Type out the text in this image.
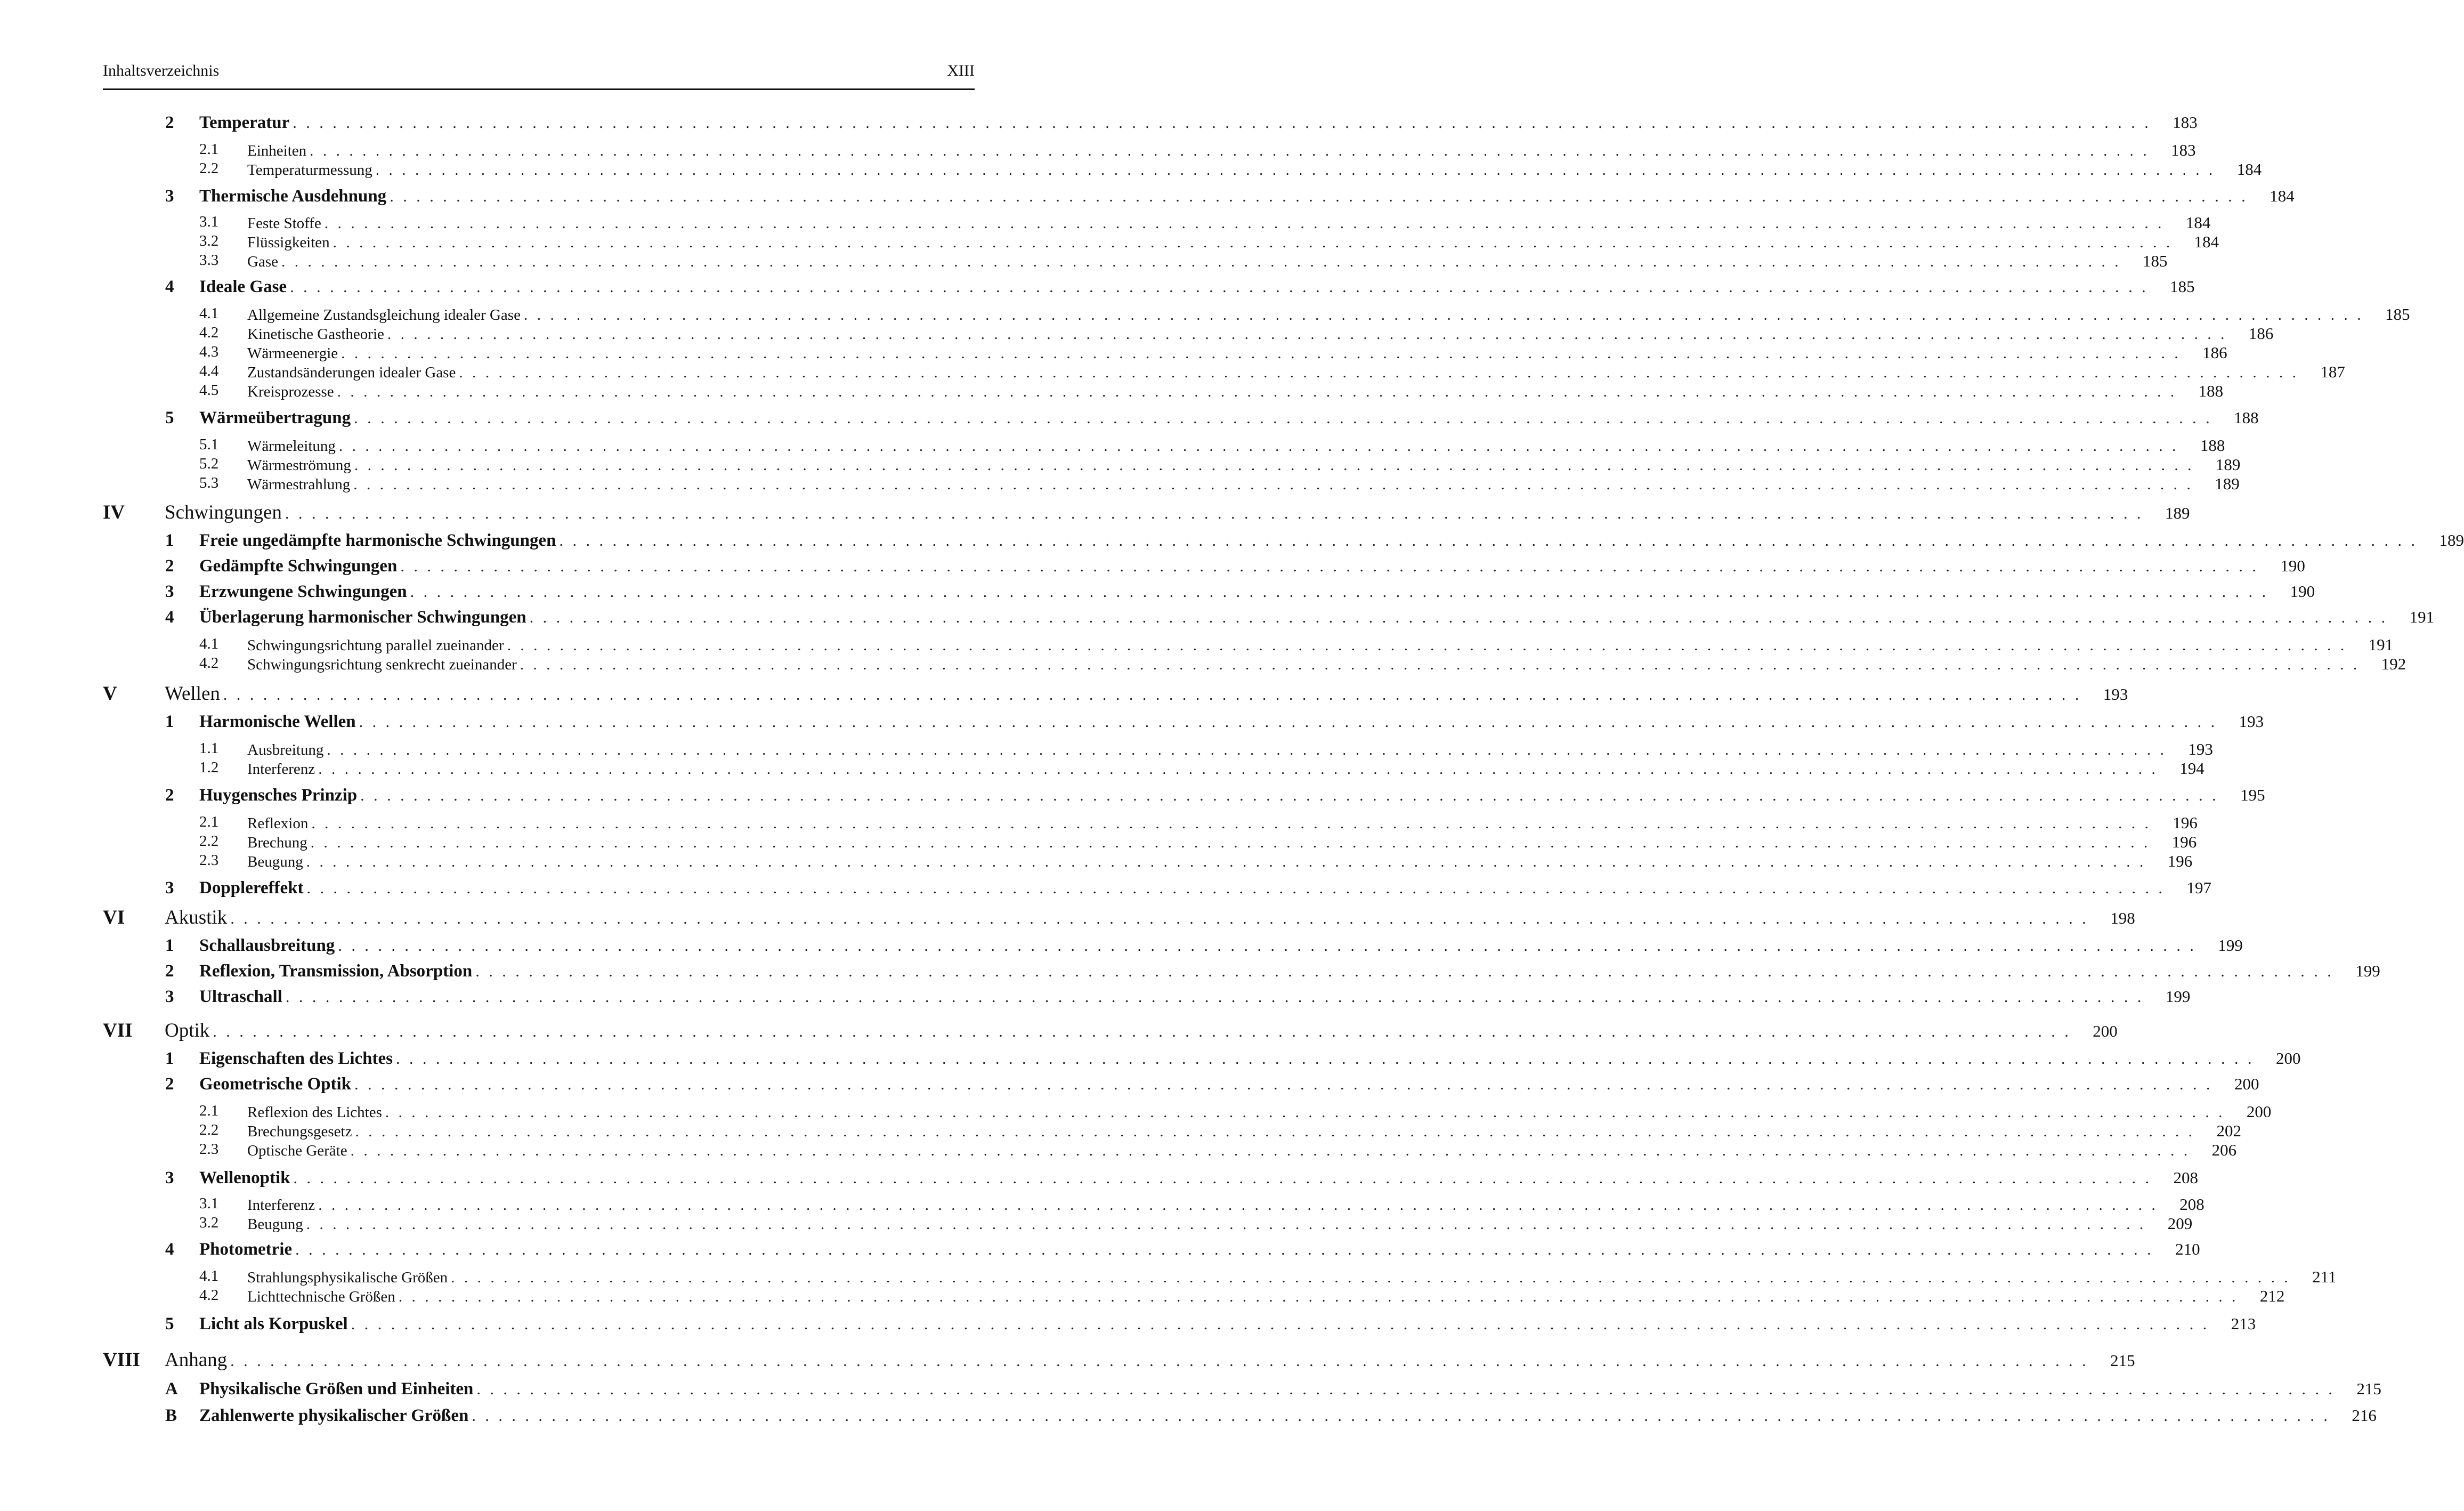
Inhaltsverzeichnis	XIII
2 Temperatur ............................................................................................................................................ 183
2.1 Einheiten ............................................................................................................................................ 183
2.2 Temperaturmessung ............................................................................................................................................ 184
3 Thermische Ausdehnung ............................................................................................................................................ 184
3.1 Feste Stoffe ............................................................................................................................................ 184
3.2 Flüssigkeiten ............................................................................................................................................ 184
3.3 Gase ............................................................................................................................................ 185
4 Ideale Gase ............................................................................................................................................ 185
4.1 Allgemeine Zustandsgleichung idealer Gase ............................................................................................................................................ 185
4.2 Kinetische Gastheorie ............................................................................................................................................ 186
4.3 Wärmeenergie ............................................................................................................................................ 186
4.4 Zustandsänderungen idealer Gase ............................................................................................................................................ 187
4.5 Kreisprozesse ............................................................................................................................................ 188
5 Wärmeübertragung ............................................................................................................................................ 188
5.1 Wärmeleitung ............................................................................................................................................ 188
5.2 Wärmeströmung ............................................................................................................................................ 189
5.3 Wärmestrahlung ............................................................................................................................................ 189
IV Schwingungen ............................................................................................................................................ 189
1 Freie ungedämpfte harmonische Schwingungen ............................................................................................................................................ 189
2 Gedämpfte Schwingungen ............................................................................................................................................ 190
3 Erzwungene Schwingungen ............................................................................................................................................ 190
4 Überlagerung harmonischer Schwingungen ............................................................................................................................................ 191
4.1 Schwingungsrichtung parallel zueinander ............................................................................................................................................ 191
4.2 Schwingungsrichtung senkrecht zueinander ............................................................................................................................................ 192
V Wellen ............................................................................................................................................ 193
1 Harmonische Wellen ............................................................................................................................................ 193
1.1 Ausbreitung ............................................................................................................................................ 193
1.2 Interferenz ............................................................................................................................................ 194
2 Huygensches Prinzip ............................................................................................................................................ 195
2.1 Reflexion ............................................................................................................................................ 196
2.2 Brechung ............................................................................................................................................ 196
2.3 Beugung ............................................................................................................................................ 196
3 Dopplereffekt ............................................................................................................................................ 197
VI Akustik ............................................................................................................................................ 198
1 Schallausbreitung ............................................................................................................................................ 199
2 Reflexion, Transmission, Absorption ............................................................................................................................................ 199
3 Ultraschall ............................................................................................................................................ 199
VII Optik ............................................................................................................................................ 200
1 Eigenschaften des Lichtes ............................................................................................................................................ 200
2 Geometrische Optik ............................................................................................................................................ 200
2.1 Reflexion des Lichtes ............................................................................................................................................ 200
2.2 Brechungsgesetz ............................................................................................................................................ 202
2.3 Optische Geräte ............................................................................................................................................ 206
3 Wellenoptik ............................................................................................................................................ 208
3.1 Interferenz ............................................................................................................................................ 208
3.2 Beugung ............................................................................................................................................ 209
4 Photometrie ............................................................................................................................................ 210
4.1 Strahlungsphysikalische Größen ............................................................................................................................................ 211
4.2 Lichttechnische Größen ............................................................................................................................................ 212
5 Licht als Korpuskel ............................................................................................................................................ 213
VIII Anhang ............................................................................................................................................ 215
A Physikalische Größen und Einheiten ............................................................................................................................................ 215
B Zahlenwerte physikalischer Größen ............................................................................................................................................ 216
